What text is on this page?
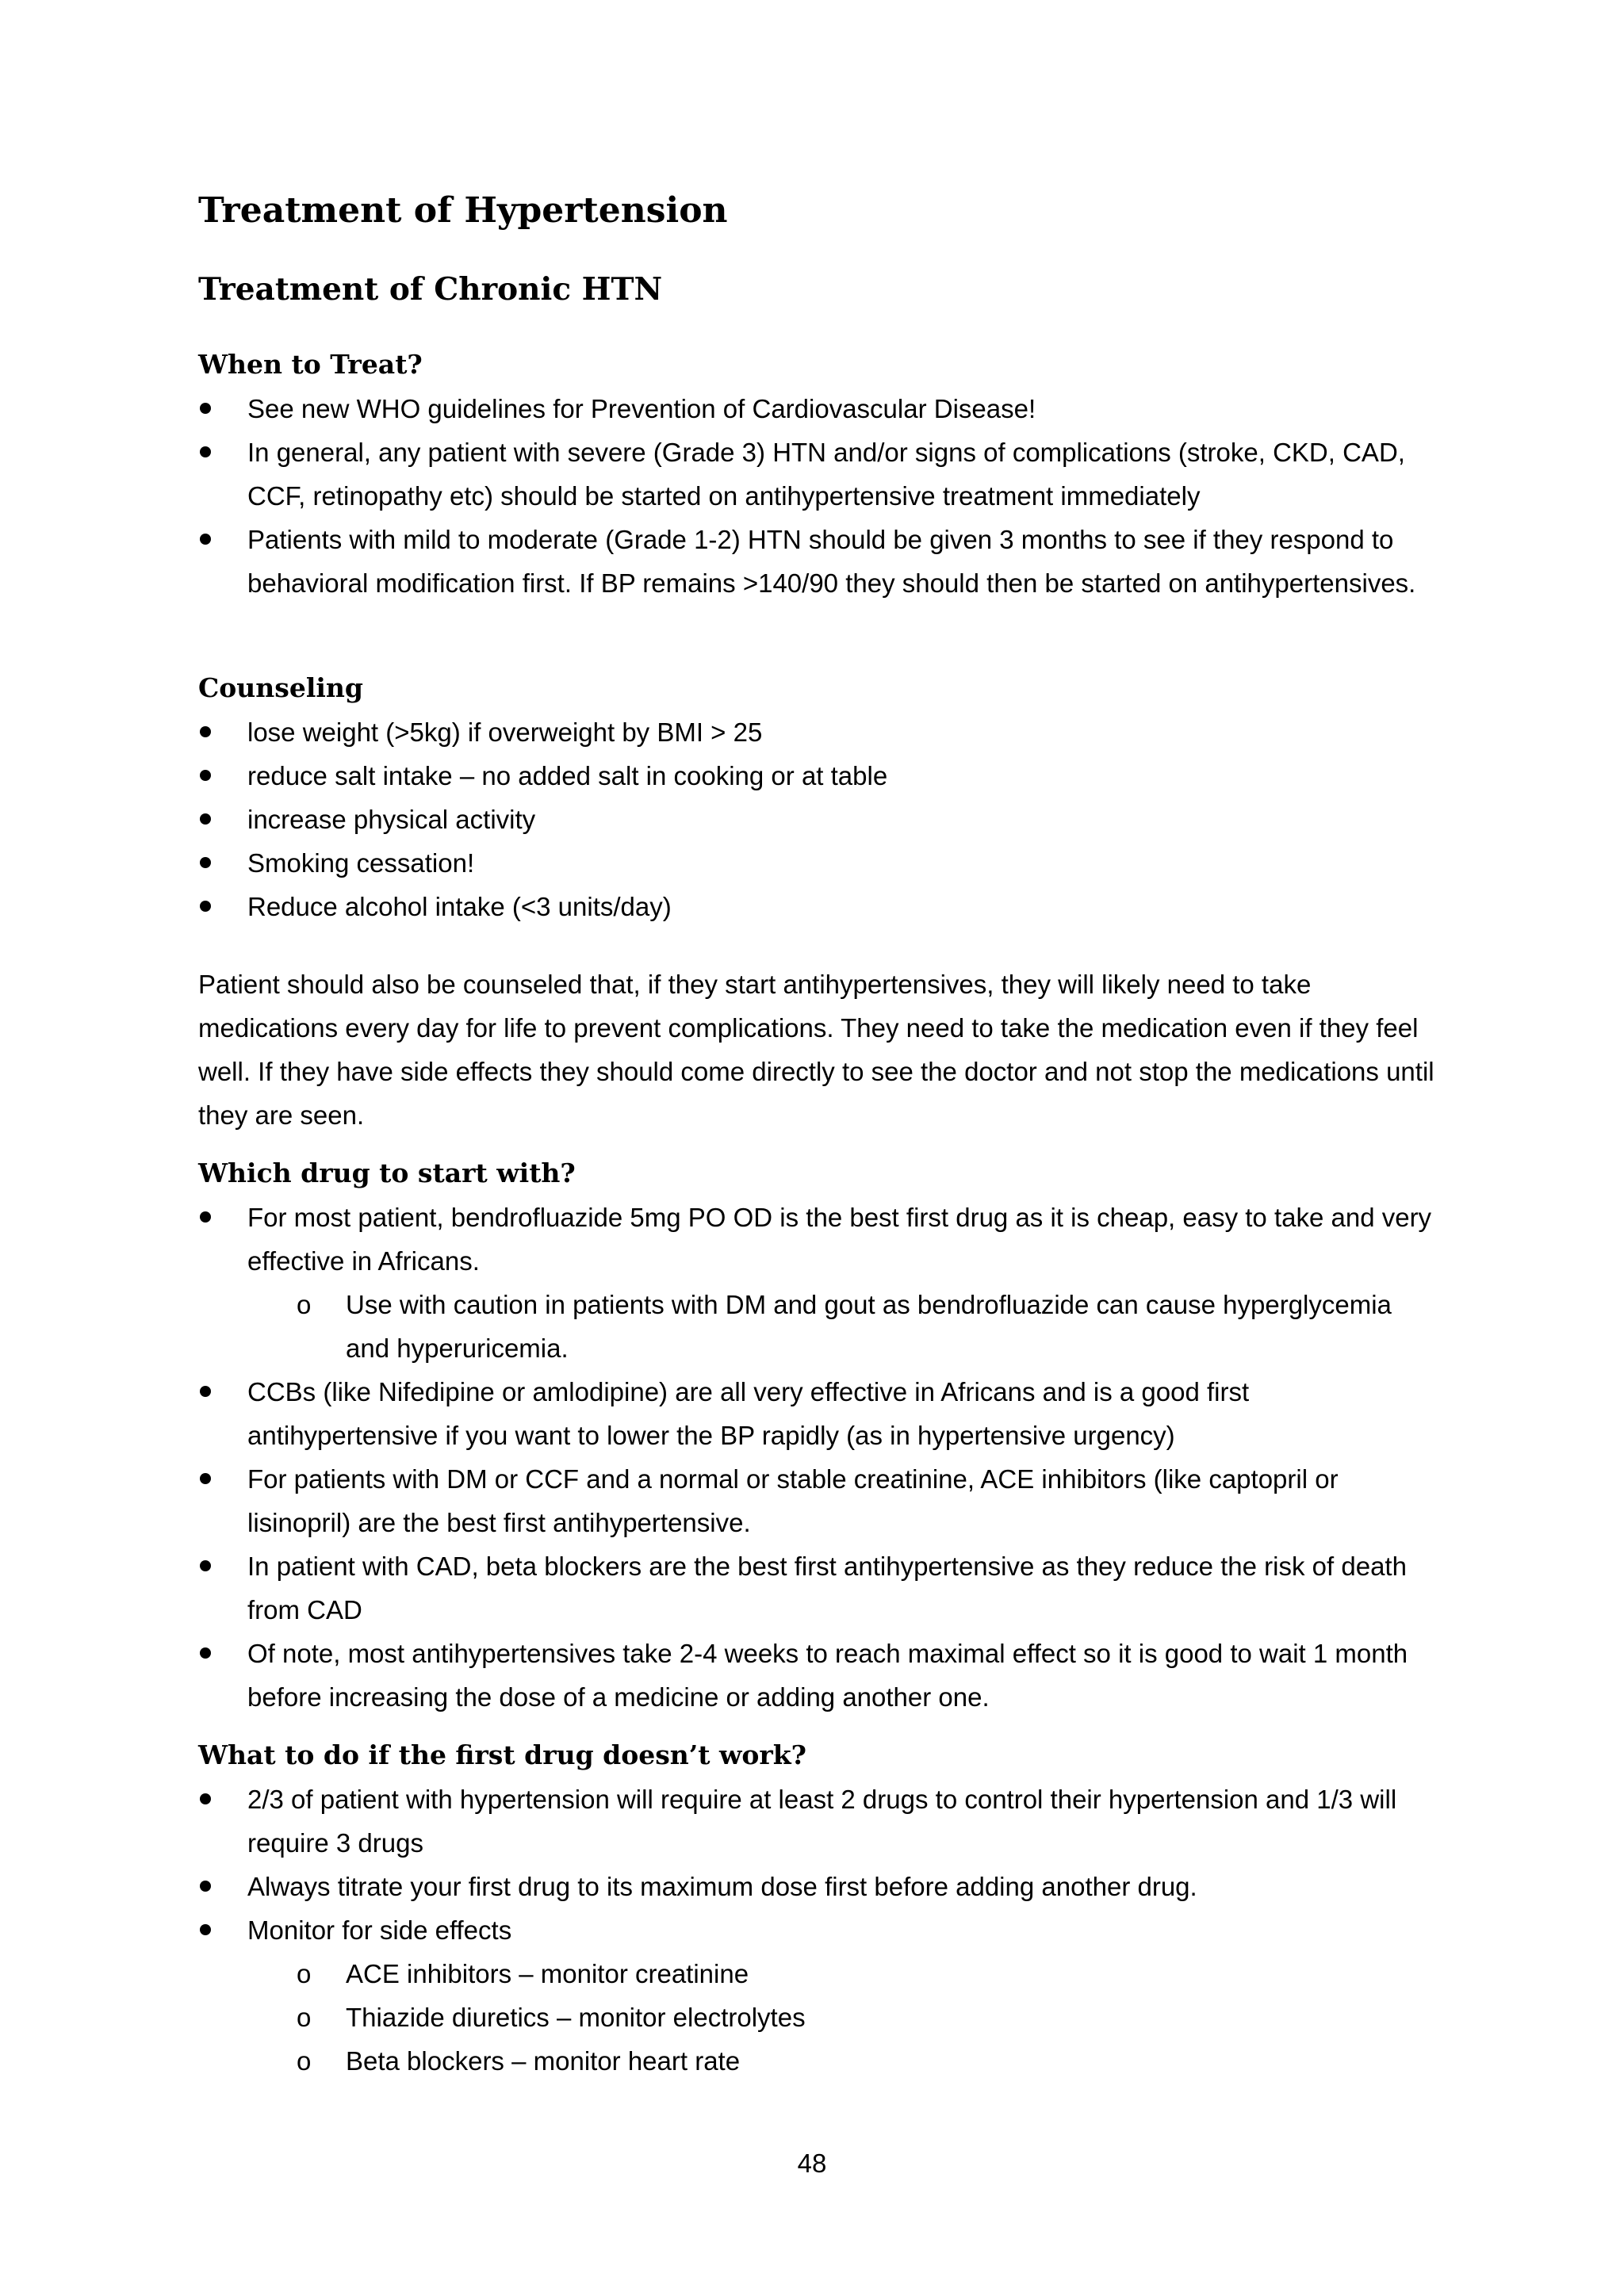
Treatment of Hypertension
Treatment of Chronic HTN
When to Treat?
See new WHO guidelines for Prevention of Cardiovascular Disease!
In general, any patient with severe (Grade 3) HTN and/or signs of complications (stroke, CKD, CAD, CCF, retinopathy etc) should be started on antihypertensive treatment immediately
Patients with mild to moderate (Grade 1-2) HTN should be given 3 months to see if they respond to behavioral modification first. If BP remains >140/90 they should then be started on antihypertensives.
Counseling
lose weight (>5kg) if overweight by BMI > 25
reduce salt intake – no added salt in cooking or at table
increase physical activity
Smoking cessation!
Reduce alcohol intake (<3 units/day)

Patient should also be counseled that, if they start antihypertensives, they will likely need to take medications every day for life to prevent complications. They need to take the medication even if they feel well. If they have side effects they should come directly to see the doctor and not stop the medications until they are seen.

Which drug to start with?
For most patient, bendrofluazide 5mg PO OD is the best first drug as it is cheap, easy to take and very effective in Africans.
o Use with caution in patients with DM and gout as bendrofluazide can cause hyperglycemia and hyperuricemia.
CCBs (like Nifedipine or amlodipine) are all very effective in Africans and is a good first antihypertensive if you want to lower the BP rapidly (as in hypertensive urgency)
For patients with DM or CCF and a normal or stable creatinine, ACE inhibitors (like captopril or lisinopril) are the best first antihypertensive.
In patient with CAD, beta blockers are the best first antihypertensive as they reduce the risk of death from CAD
Of note, most antihypertensives take 2-4 weeks to reach maximal effect so it is good to wait 1 month before increasing the dose of a medicine or adding another one.
What to do if the first drug doesn’t work?
2/3 of patient with hypertension will require at least 2 drugs to control their hypertension and 1/3 will require 3 drugs
Always titrate your first drug to its maximum dose first before adding another drug.
Monitor for side effects
o ACE inhibitors – monitor creatinine
o Thiazide diuretics – monitor electrolytes
o Beta blockers – monitor heart rate
48
